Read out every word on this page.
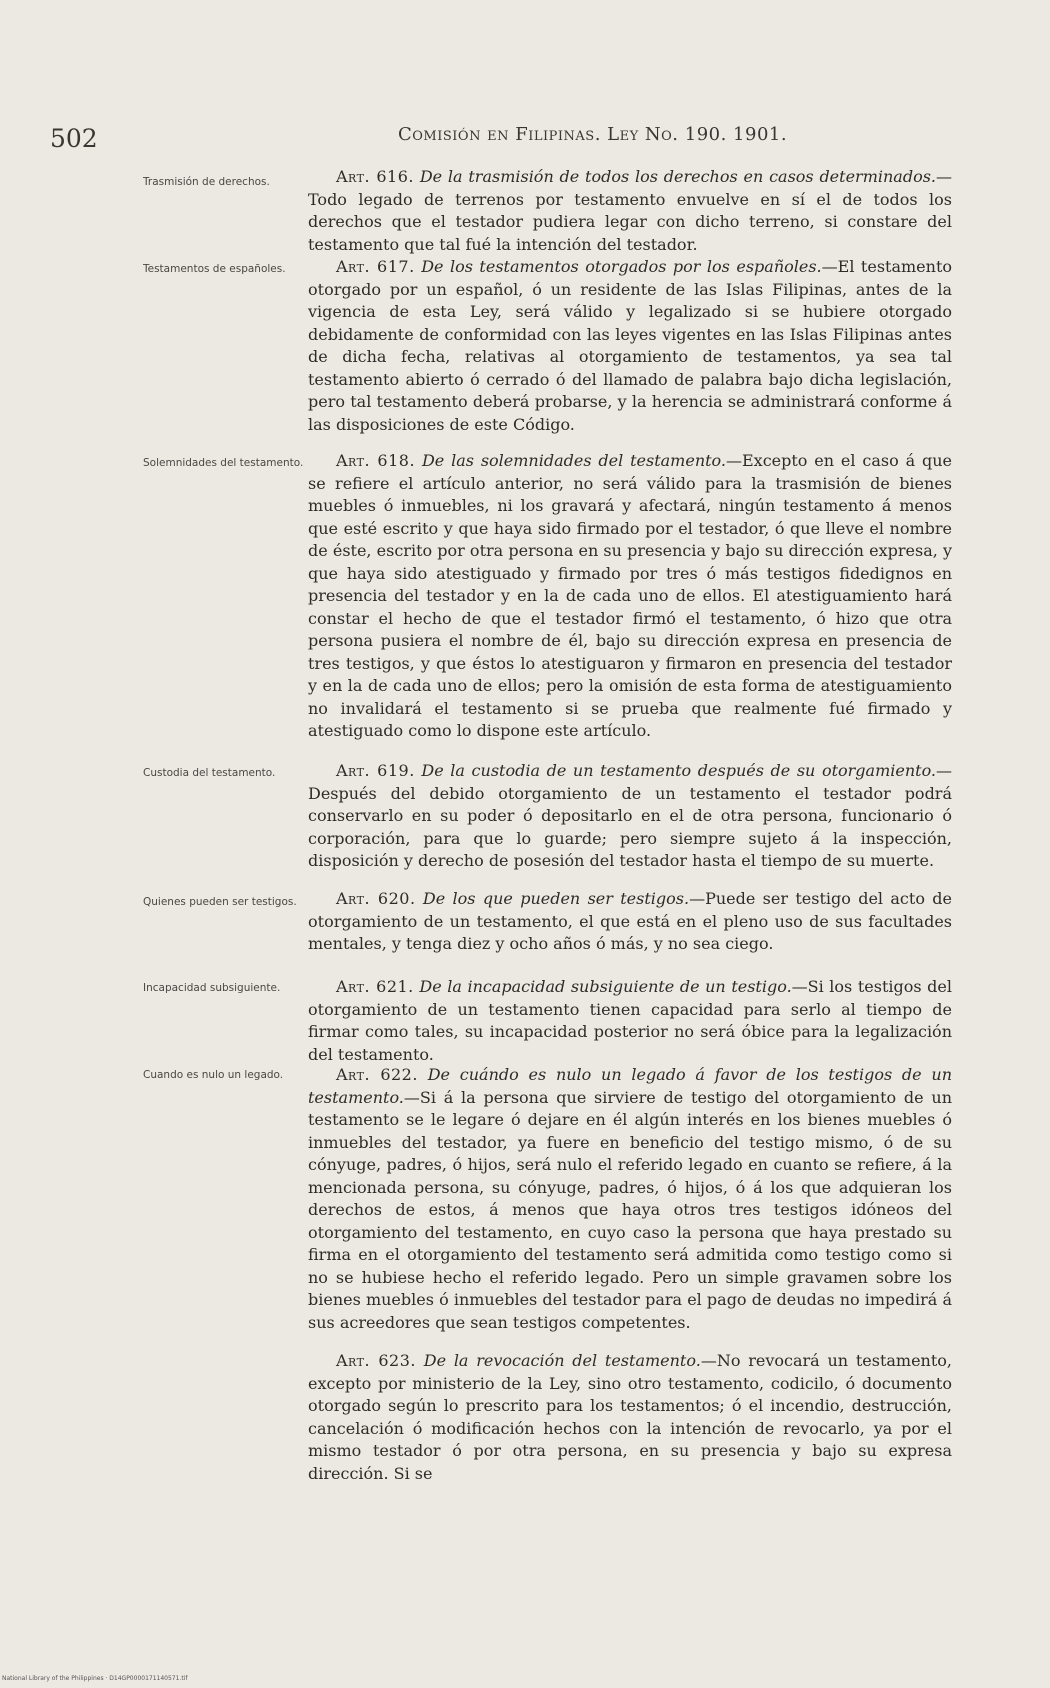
502	Comisión en Filipinas. Ley No. 190. 1901.
Trasmisión de derechos.
Testamentos de españoles.
Solemnidades del testamento.
Custodia del testamento.
Quienes pueden ser testigos.
Incapacidad subsiguiente.
Cuando es nulo un legado.
Art. 616. De la trasmisión de todos los derechos en casos determinados.—Todo legado de terrenos por testamento envuelve en sí el de todos los derechos que el testador pudiera legar con dicho terreno, si constare del testamento que tal fué la intención del testador.
Art. 617. De los testamentos otorgados por los españoles.—El testamento otorgado por un español, ó un residente de las Islas Filipinas, antes de la vigencia de esta Ley, será válido y legalizado si se hubiere otorgado debidamente de conformidad con las leyes vigentes en las Islas Filipinas antes de dicha fecha, relativas al otorgamiento de testamentos, ya sea tal testamento abierto ó cerrado ó del llamado de palabra bajo dicha legislación, pero tal testamento deberá probarse, y la herencia se administrará conforme á las disposiciones de este Código.
Art. 618. De las solemnidades del testamento.—Excepto en el caso á que se refiere el artículo anterior, no será válido para la trasmisión de bienes muebles ó inmuebles, ni los gravará y afectará, ningún testamento á menos que esté escrito y que haya sido firmado por el testador, ó que lleve el nombre de éste, escrito por otra persona en su presencia y bajo su dirección expresa, y que haya sido atestiguado y firmado por tres ó más testigos fidedignos en presencia del testador y en la de cada uno de ellos. El atestiguamiento hará constar el hecho de que el testador firmó el testamento, ó hizo que otra persona pusiera el nombre de él, bajo su dirección expresa en presencia de tres testigos, y que éstos lo atestiguaron y firmaron en presencia del testador y en la de cada uno de ellos; pero la omisión de esta forma de atestiguamiento no invalidará el testamento si se prueba que realmente fué firmado y atestiguado como lo dispone este artículo.
Art. 619. De la custodia de un testamento después de su otorgamiento.—Después del debido otorgamiento de un testamento el testador podrá conservarlo en su poder ó depositarlo en el de otra persona, funcionario ó corporación, para que lo guarde; pero siempre sujeto á la inspección, disposición y derecho de posesión del testador hasta el tiempo de su muerte.
Art. 620. De los que pueden ser testigos.—Puede ser testigo del acto de otorgamiento de un testamento, el que está en el pleno uso de sus facultades mentales, y tenga diez y ocho años ó más, y no sea ciego.
Art. 621. De la incapacidad subsiguiente de un testigo.—Si los testigos del otorgamiento de un testamento tienen capacidad para serlo al tiempo de firmar como tales, su incapacidad posterior no será óbice para la legalización del testamento.
Art. 622. De cuándo es nulo un legado á favor de los testigos de un testamento.—Si á la persona que sirviere de testigo del otorgamiento de un testamento se le legare ó dejare en él algún interés en los bienes muebles ó inmuebles del testador, ya fuere en beneficio del testigo mismo, ó de su cónyuge, padres, ó hijos, será nulo el referido legado en cuanto se refiere, á la mencionada persona, su cónyuge, padres, ó hijos, ó á los que adquieran los derechos de estos, á menos que haya otros tres testigos idóneos del otorgamiento del testamento, en cuyo caso la persona que haya prestado su firma en el otorgamiento del testamento será admitida como testigo como si no se hubiese hecho el referido legado. Pero un simple gravamen sobre los bienes muebles ó inmuebles del testador para el pago de deudas no impedirá á sus acreedores que sean testigos competentes.
Art. 623. De la revocación del testamento.—No revocará un testamento, excepto por ministerio de la Ley, sino otro testamento, codicilo, ó documento otorgado según lo prescrito para los testamentos; ó el incendio, destrucción, cancelación ó modificación hechos con la intención de revocarlo, ya por el mismo testador ó por otra persona, en su presencia y bajo su expresa dirección. Si se
National Library of the Philippines · D14GP0000171140571.tif
